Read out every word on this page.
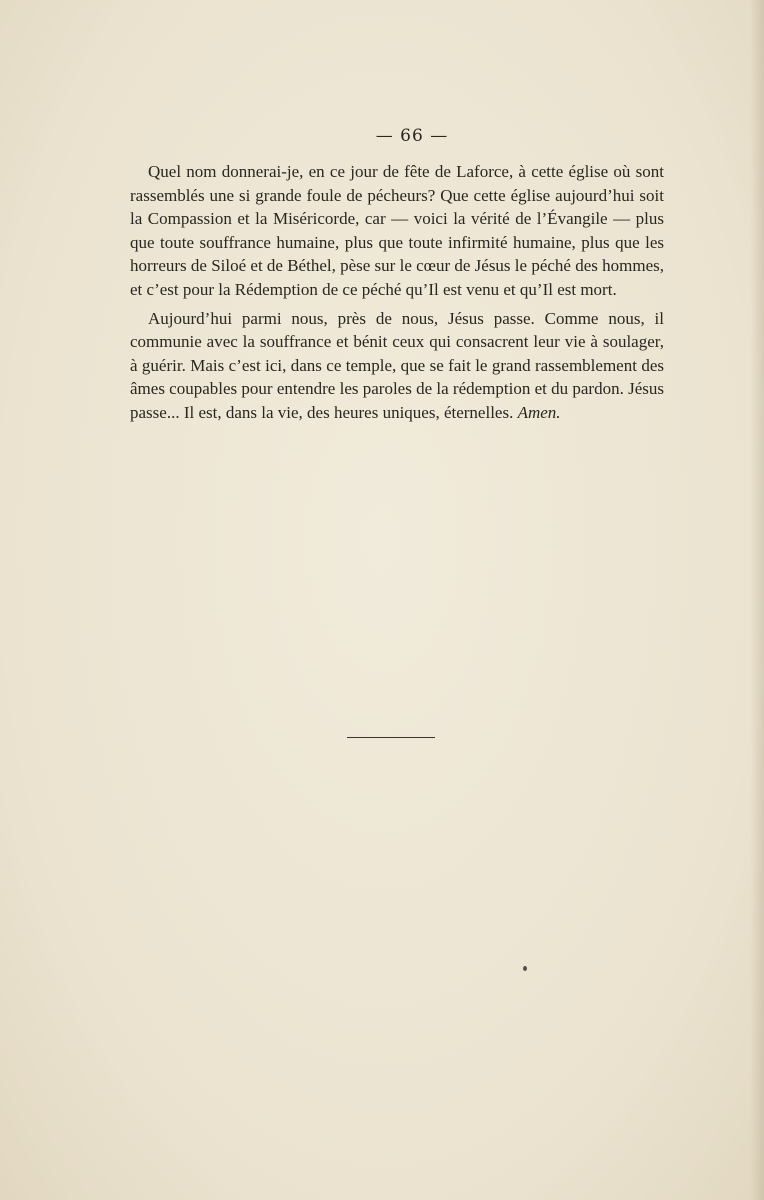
— 66 —

Quel nom donnerai-je, en ce jour de fête de Laforce, à cette église où sont rassemblés une si grande foule de pécheurs? Que cette église aujourd’hui soit la Compassion et la Miséricorde, car — voici la vérité de l’Évangile — plus que toute souffrance humaine, plus que toute infirmité humaine, plus que les horreurs de Siloé et de Béthel, pèse sur le cœur de Jésus le péché des hommes, et c’est pour la Rédemption de ce péché qu’Il est venu et qu’Il est mort.

Aujourd’hui parmi nous, près de nous, Jésus passe. Comme nous, il communie avec la souffrance et bénit ceux qui consacrent leur vie à soulager, à guérir. Mais c’est ici, dans ce temple, que se fait le grand rassemblement des âmes coupables pour entendre les paroles de la rédemption et du pardon. Jésus passe... Il est, dans la vie, des heures uniques, éternelles. Amen.
